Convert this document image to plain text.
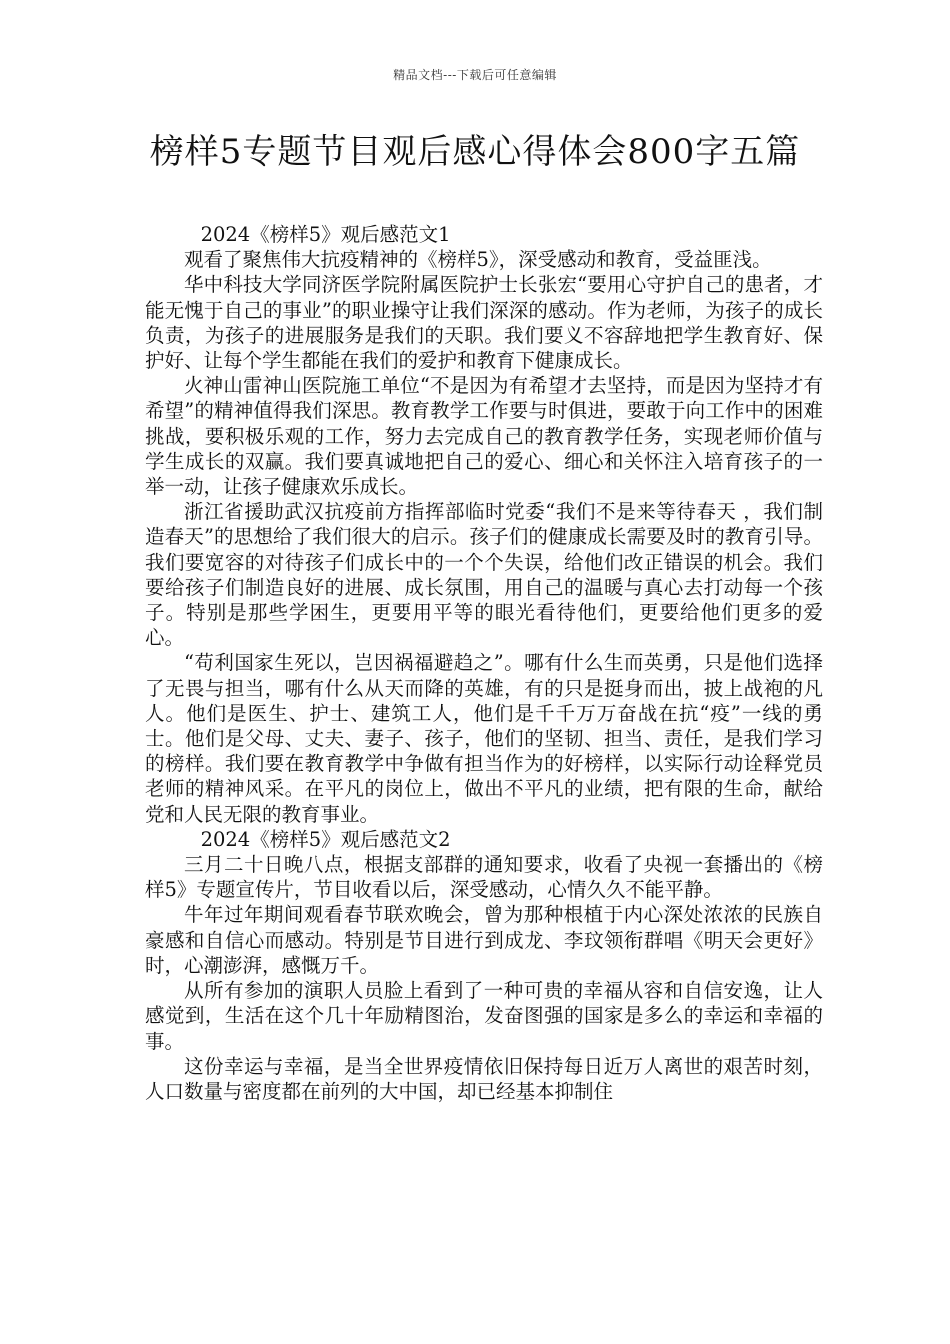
精品文档---下载后可任意编辑
榜样5专题节目观后感心得体会800字五篇

2024《榜样5》观后感范文1

观看了聚焦伟大抗疫精神的《榜样5》，深受感动和教育，受益匪浅。

华中科技大学同济医学院附属医院护士长张宏“要用心守护自己的患者，才能无愧于自己的事业”的职业操守让我们深深的感动。作为老师，为孩子的成长负责，为孩子的进展服务是我们的天职。我们要义不容辞地把学生教育好、保护好、让每个学生都能在我们的爱护和教育下健康成长。

火神山雷神山医院施工单位“不是因为有希望才去坚持，而是因为坚持才有希望”的精神值得我们深思。教育教学工作要与时俱进，要敢于向工作中的困难挑战，要积极乐观的工作，努力去完成自己的教育教学任务，实现老师价值与学生成长的双赢。我们要真诚地把自己的爱心、细心和关怀注入培育孩子的一举一动，让孩子健康欢乐成长。

浙江省援助武汉抗疫前方指挥部临时党委“我们不是来等待春天 ，我们制造春天”的思想给了我们很大的启示。孩子们的健康成长需要及时的教育引导。我们要宽容的对待孩子们成长中的一个个失误，给他们改正错误的机会。我们要给孩子们制造良好的进展、成长氛围，用自己的温暖与真心去打动每一个孩子。特别是那些学困生，更要用平等的眼光看待他们，更要给他们更多的爱心。

“苟利国家生死以，岂因祸福避趋之”。哪有什么生而英勇，只是他们选择了无畏与担当，哪有什么从天而降的英雄，有的只是挺身而出，披上战袍的凡人。他们是医生、护士、建筑工人，他们是千千万万奋战在抗“疫”一线的勇士。他们是父母、丈夫、妻子、孩子，他们的坚韧、担当、责任，是我们学习的榜样。我们要在教育教学中争做有担当作为的好榜样，以实际行动诠释党员老师的精神风采。在平凡的岗位上，做出不平凡的业绩，把有限的生命，献给党和人民无限的教育事业。

2024《榜样5》观后感范文2

三月二十日晚八点，根据支部群的通知要求，收看了央视一套播出的《榜样5》专题宣传片，节目收看以后，深受感动，心情久久不能平静。

牛年过年期间观看春节联欢晚会，曾为那种根植于内心深处浓浓的民族自豪感和自信心而感动。特别是节目进行到成龙、李玟领衔群唱《明天会更好》时，心潮澎湃，感慨万千。

从所有参加的演职人员脸上看到了一种可贵的幸福从容和自信安逸，让人感觉到，生活在这个几十年励精图治，发奋图强的国家是多么的幸运和幸福的事。

这份幸运与幸福，是当全世界疫情依旧保持每日近万人离世的艰苦时刻，人口数量与密度都在前列的大中国，却已经基本抑制住
